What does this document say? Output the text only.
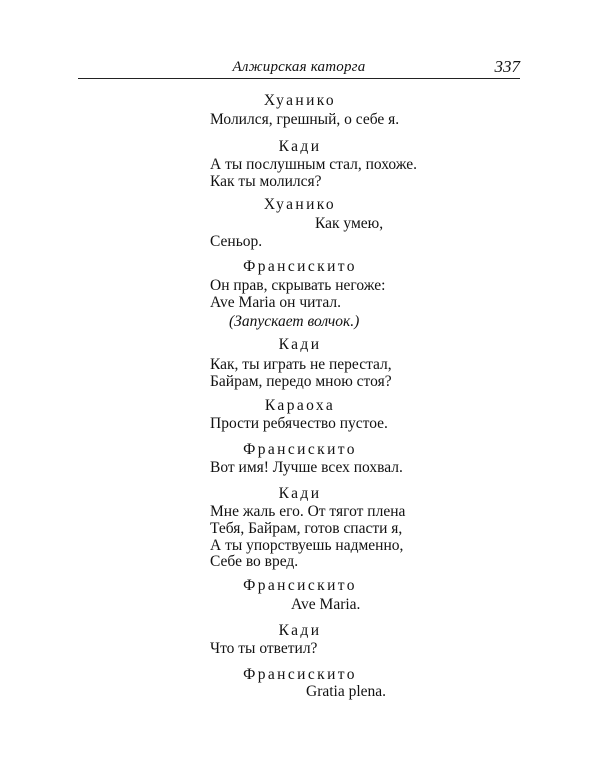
Алжирская каторга	337
Хуанико
Молился, грешный, о себе я.
Кади
А ты послушным стал, похоже.
Как ты молился?
Хуанико
Как умею,
Сеньор.
Франсискито
Он прав, скрывать негоже:
Ave Maria он читал.
(Запускает волчок.)
Кади
Как, ты играть не перестал,
Байрам, передо мною стоя?
Караоха
Прости ребячество пустое.
Франсискито
Вот имя! Лучше всех похвал.
Кади
Мне жаль его. От тягот плена
Тебя, Байрам, готов спасти я,
А ты упорствуешь надменно,
Себе во вред.
Франсискито
Ave Maria.
Кади
Что ты ответил?
Франсискито
Gratia plena.
